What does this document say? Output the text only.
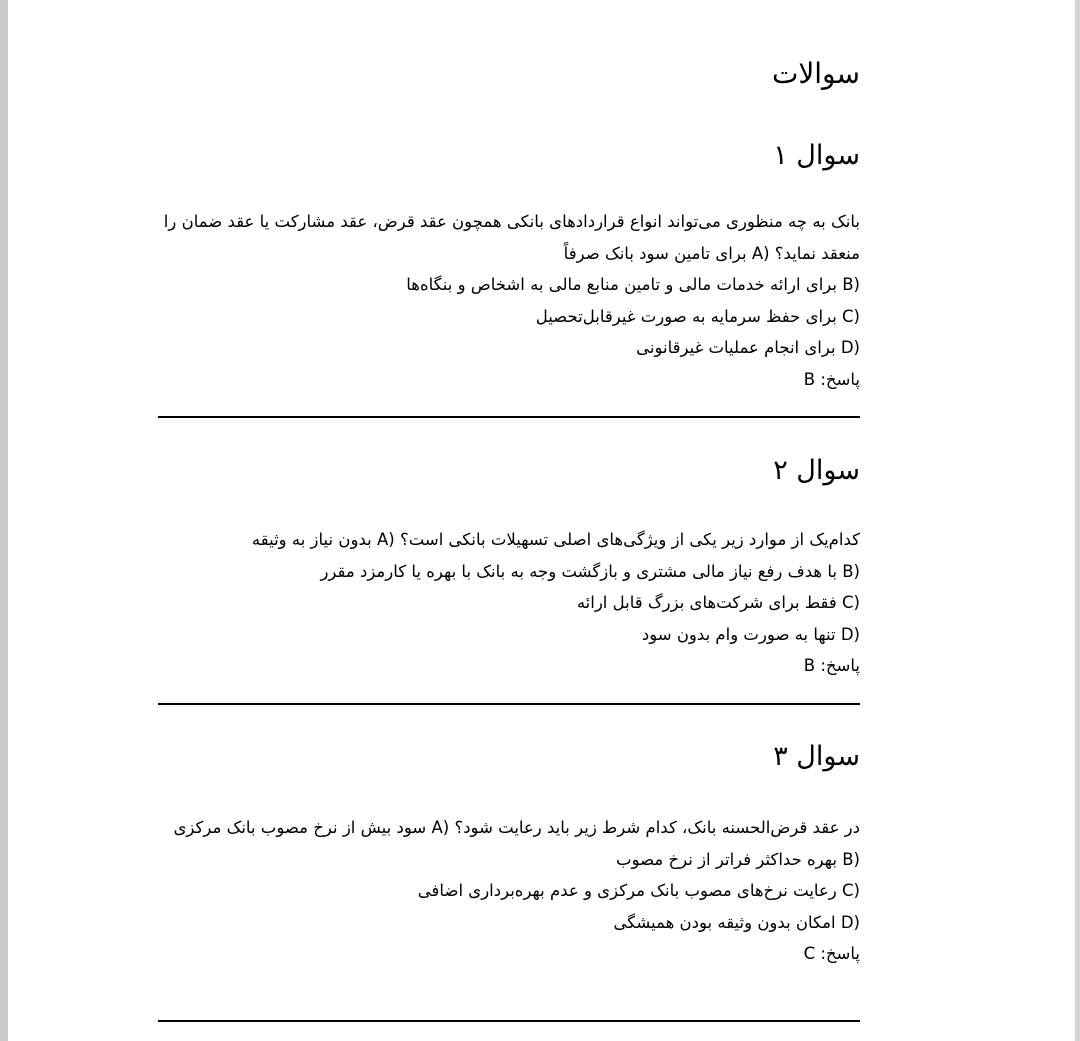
سوالات
سوال ۱
بانک به چه منظوری می‌تواند انواع قراردادهای بانکی همچون عقد قرض، عقد مشارکت یا عقد ضمان را منعقد نماید؟ A) برای تامین سود بانک صرفاً
B) برای ارائه خدمات مالی و تامین منابع مالی به اشخاص و بنگاه‌ها
C) برای حفظ سرمایه به صورت غیرقابل‌تحصیل
D) برای انجام عملیات غیرقانونی
پاسخ: B
سوال ۲
کدام‌یک از موارد زیر یکی از ویژگی‌های اصلی تسهیلات بانکی است؟ A) بدون نیاز به وثیقه
B) با هدف رفع نیاز مالی مشتری و بازگشت وجه به بانک با بهره یا کارمزد مقرر
C) فقط برای شرکت‌های بزرگ قابل ارائه
D) تنها به صورت وام بدون سود
پاسخ: B
سوال ۳
در عقد قرض‌الحسنه بانک، کدام شرط زیر باید رعایت شود؟ A) سود بیش از نرخ مصوب بانک مرکزی
B) بهره حداکثر فراتر از نرخ مصوب
C) رعایت نرخ‌های مصوب بانک مرکزی و عدم بهره‌برداری اضافی
D) امکان بدون وثیقه بودن همیشگی
پاسخ: C
